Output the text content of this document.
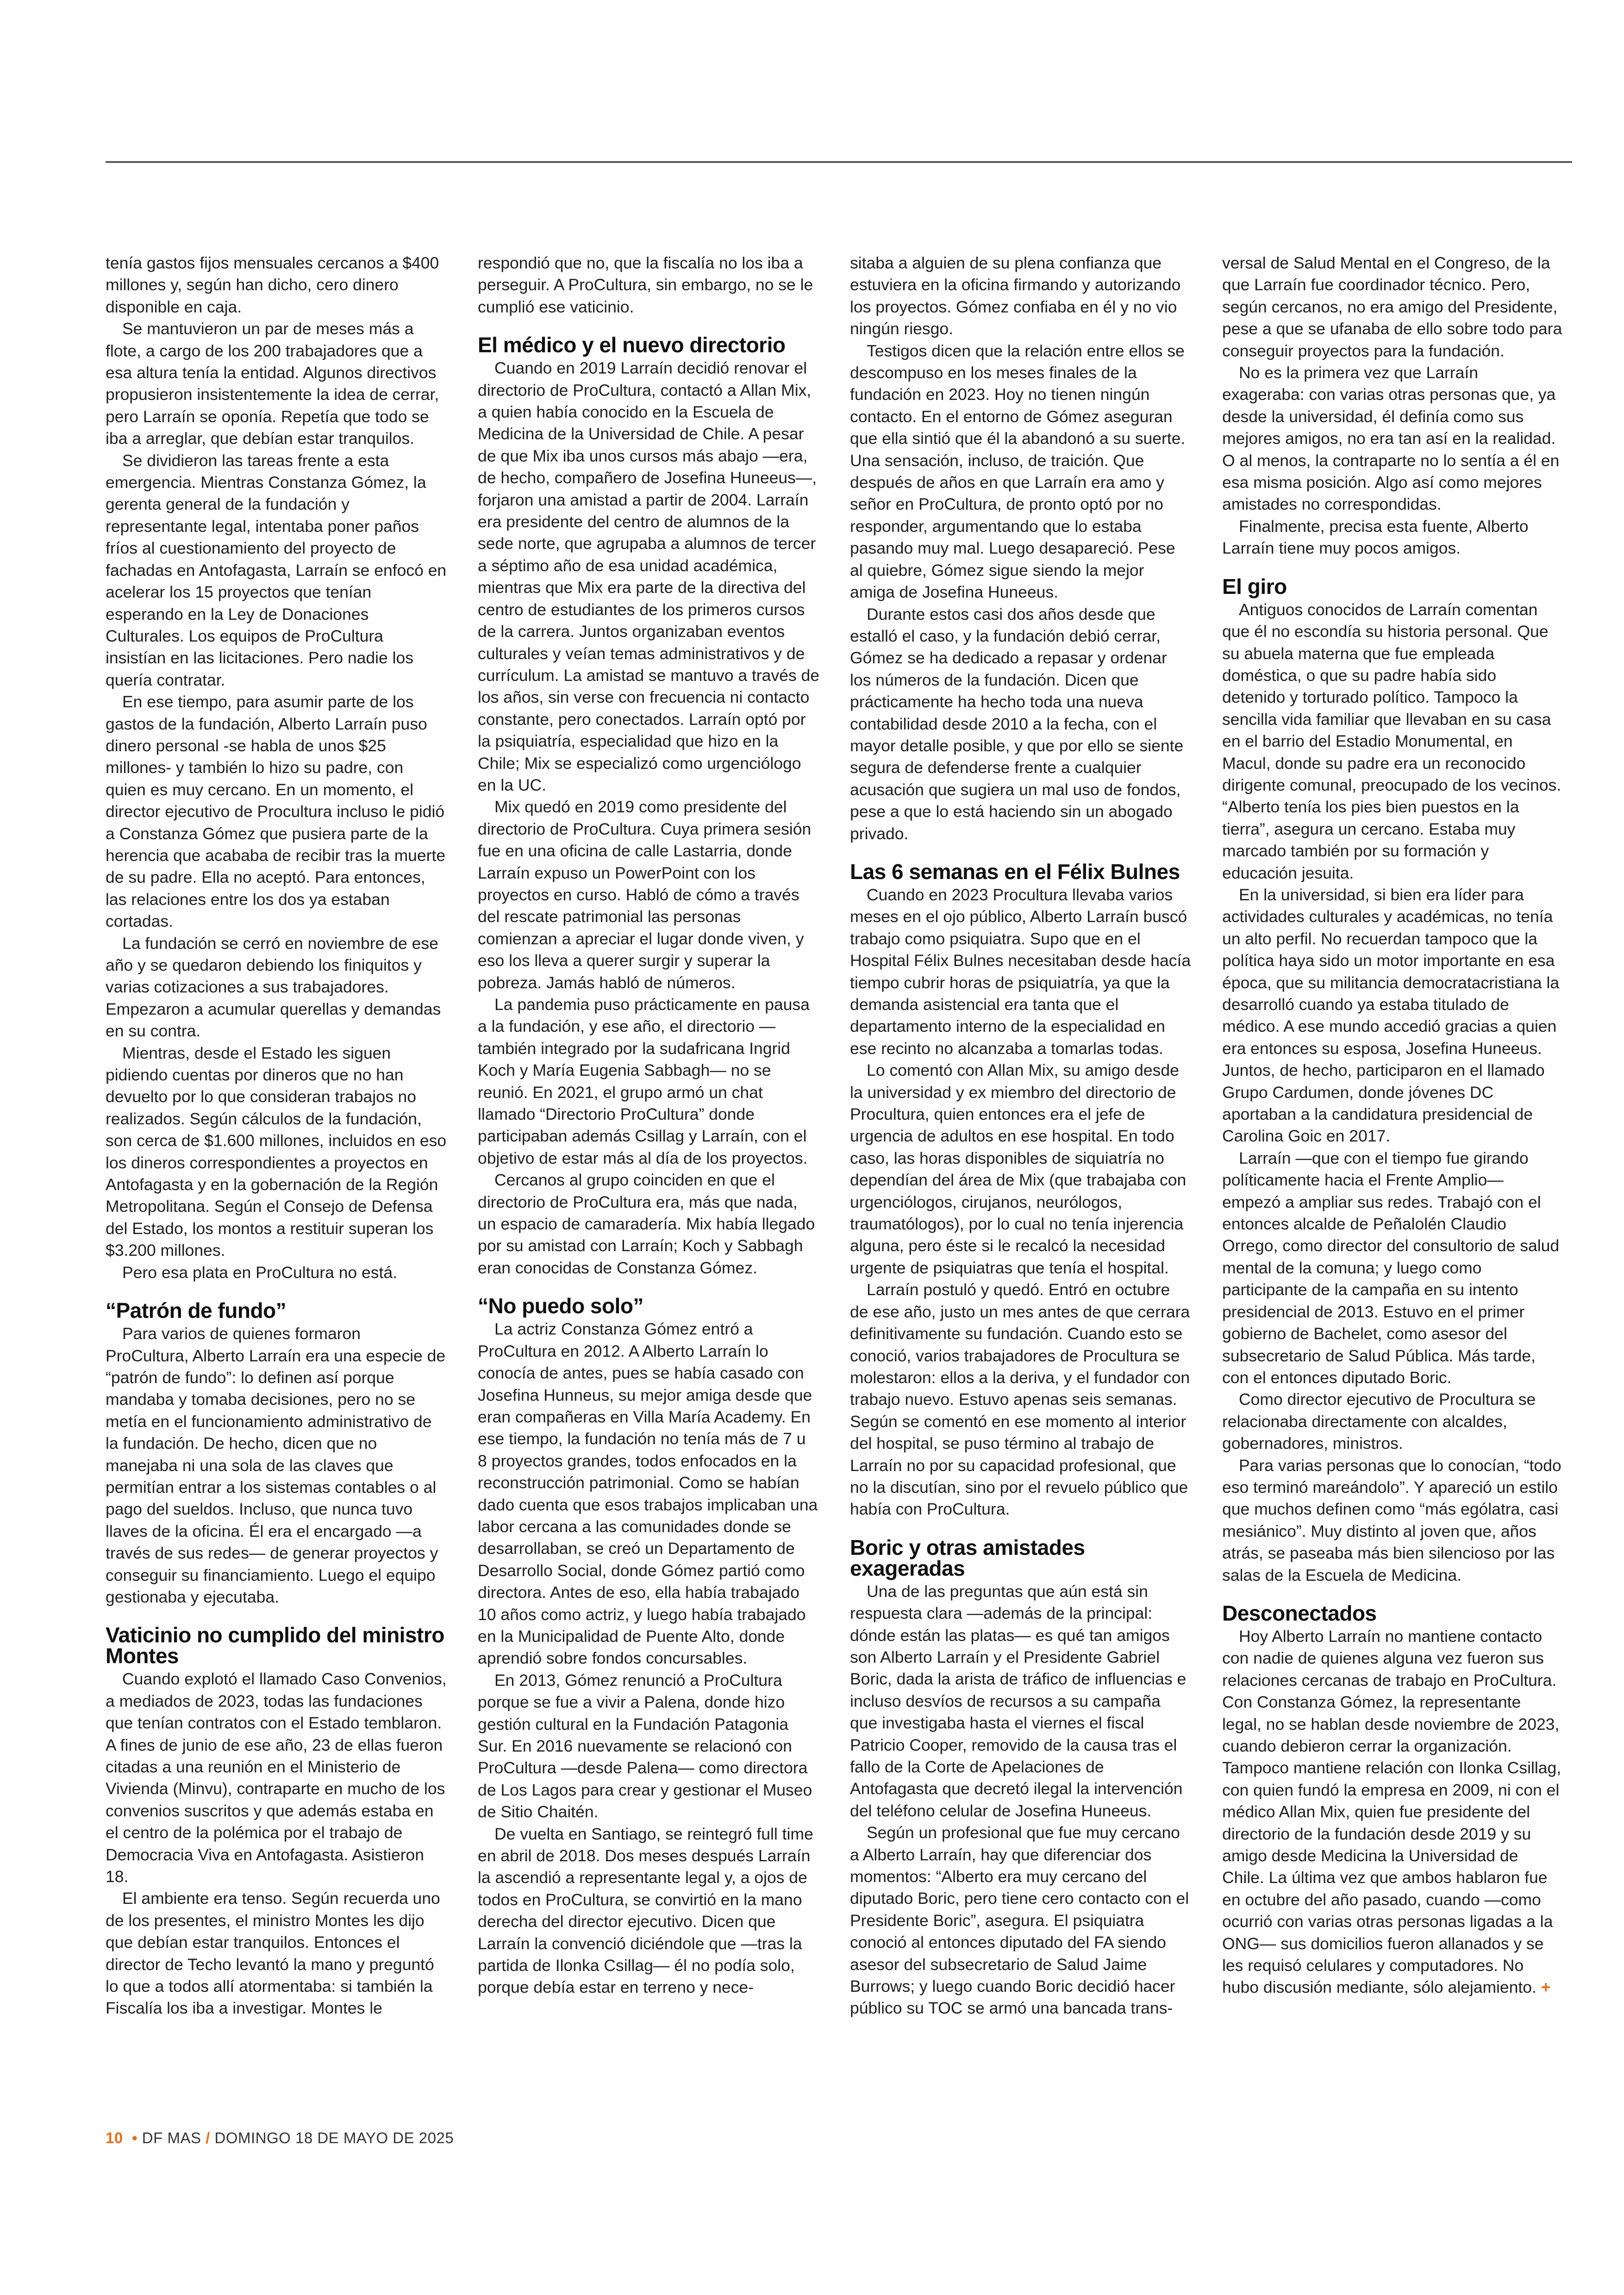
tenía gastos fijos mensuales cercanos a $400 millones y, según han dicho, cero dinero disponible en caja.

Se mantuvieron un par de meses más a flote, a cargo de los 200 trabajadores que a esa altura tenía la entidad. Algunos directivos propusieron insistentemente la idea de cerrar, pero Larraín se oponía. Repetía que todo se iba a arreglar, que debían estar tranquilos.

Se dividieron las tareas frente a esta emergencia. Mientras Constanza Gómez, la gerenta general de la fundación y representante legal, intentaba poner paños fríos al cuestionamiento del proyecto de fachadas en Antofagasta, Larraín se enfocó en acelerar los 15 proyectos que tenían esperando en la Ley de Donaciones Culturales. Los equipos de ProCultura insistían en las licitaciones. Pero nadie los quería contratar.

En ese tiempo, para asumir parte de los gastos de la fundación, Alberto Larraín puso dinero personal -se habla de unos $25 millones- y también lo hizo su padre, con quien es muy cercano. En un momento, el director ejecutivo de Procultura incluso le pidió a Constanza Gómez que pusiera parte de la herencia que acababa de recibir tras la muerte de su padre. Ella no aceptó. Para entonces, las relaciones entre los dos ya estaban cortadas.

La fundación se cerró en noviembre de ese año y se quedaron debiendo los finiquitos y varias cotizaciones a sus trabajadores. Empezaron a acumular querellas y demandas en su contra.

Mientras, desde el Estado les siguen pidiendo cuentas por dineros que no han devuelto por lo que consideran trabajos no realizados. Según cálculos de la fundación, son cerca de $1.600 millones, incluidos en eso los dineros correspondientes a proyectos en Antofagasta y en la gobernación de la Región Metropolitana. Según el Consejo de Defensa del Estado, los montos a restituir superan los $3.200 millones.

Pero esa plata en ProCultura no está.

“Patrón de fundo”

Para varios de quienes formaron ProCultura, Alberto Larraín era una especie de “patrón de fundo”: lo definen así porque mandaba y tomaba decisiones, pero no se metía en el funcionamiento administrativo de la fundación. De hecho, dicen que no manejaba ni una sola de las claves que permitían entrar a los sistemas contables o al pago del sueldos. Incluso, que nunca tuvo llaves de la oficina. Él era el encargado —a través de sus redes— de generar proyectos y conseguir su financiamiento. Luego el equipo gestionaba y ejecutaba.

Vaticinio no cumplido del ministro Montes

Cuando explotó el llamado Caso Convenios, a mediados de 2023, todas las fundaciones que tenían contratos con el Estado temblaron. A fines de junio de ese año, 23 de ellas fueron citadas a una reunión en el Ministerio de Vivienda (Minvu), contraparte en mucho de los convenios suscritos y que además estaba en el centro de la polémica por el trabajo de Democracia Viva en Antofagasta. Asistieron 18.

El ambiente era tenso. Según recuerda uno de los presentes, el ministro Montes les dijo que debían estar tranquilos. Entonces el director de Techo levantó la mano y preguntó lo que a todos allí atormentaba: si también la Fiscalía los iba a investigar. Montes le

respondió que no, que la fiscalía no los iba a perseguir. A ProCultura, sin embargo, no se le cumplió ese vaticinio.

El médico y el nuevo directorio

Cuando en 2019 Larraín decidió renovar el directorio de ProCultura, contactó a Allan Mix, a quien había conocido en la Escuela de Medicina de la Universidad de Chile. A pesar de que Mix iba unos cursos más abajo —era, de hecho, compañero de Josefina Huneeus—, forjaron una amistad a partir de 2004. Larraín era presidente del centro de alumnos de la sede norte, que agrupaba a alumnos de tercer a séptimo año de esa unidad académica, mientras que Mix era parte de la directiva del centro de estudiantes de los primeros cursos de la carrera. Juntos organizaban eventos culturales y veían temas administrativos y de currículum. La amistad se mantuvo a través de los años, sin verse con frecuencia ni contacto constante, pero conectados. Larraín optó por la psiquiatría, especialidad que hizo en la Chile; Mix se especializó como urgenciólogo en la UC.

Mix quedó en 2019 como presidente del directorio de ProCultura. Cuya primera sesión fue en una oficina de calle Lastarria, donde Larraín expuso un PowerPoint con los proyectos en curso. Habló de cómo a través del rescate patrimonial las personas comienzan a apreciar el lugar donde viven, y eso los lleva a querer surgir y superar la pobreza. Jamás habló de números.

La pandemia puso prácticamente en pausa a la fundación, y ese año, el directorio —también integrado por la sudafricana Ingrid Koch y María Eugenia Sabbagh— no se reunió. En 2021, el grupo armó un chat llamado “Directorio ProCultura” donde participaban además Csillag y Larraín, con el objetivo de estar más al día de los proyectos.

Cercanos al grupo coinciden en que el directorio de ProCultura era, más que nada, un espacio de camaradería. Mix había llegado por su amistad con Larraín; Koch y Sabbagh eran conocidas de Constanza Gómez.

“No puedo solo”

La actriz Constanza Gómez entró a ProCultura en 2012. A Alberto Larraín lo conocía de antes, pues se había casado con Josefina Hunneus, su mejor amiga desde que eran compañeras en Villa María Academy. En ese tiempo, la fundación no tenía más de 7 u 8 proyectos grandes, todos enfocados en la reconstrucción patrimonial. Como se habían dado cuenta que esos trabajos implicaban una labor cercana a las comunidades donde se desarrollaban, se creó un Departamento de Desarrollo Social, donde Gómez partió como directora. Antes de eso, ella había trabajado 10 años como actriz, y luego había trabajado en la Municipalidad de Puente Alto, donde aprendió sobre fondos concursables.

En 2013, Gómez renunció a ProCultura porque se fue a vivir a Palena, donde hizo gestión cultural en la Fundación Patagonia Sur. En 2016 nuevamente se relacionó con ProCultura —desde Palena— como directora de Los Lagos para crear y gestionar el Museo de Sitio Chaitén.

De vuelta en Santiago, se reintegró full time en abril de 2018. Dos meses después Larraín la ascendió a representante legal y, a ojos de todos en ProCultura, se convirtió en la mano derecha del director ejecutivo. Dicen que Larraín la convenció diciéndole que —tras la partida de Ilonka Csillag— él no podía solo, porque debía estar en terreno y nece-

sitaba a alguien de su plena confianza que estuviera en la oficina firmando y autorizando los proyectos. Gómez confiaba en él y no vio ningún riesgo.

Testigos dicen que la relación entre ellos se descompuso en los meses finales de la fundación en 2023. Hoy no tienen ningún contacto. En el entorno de Gómez aseguran que ella sintió que él la abandonó a su suerte. Una sensación, incluso, de traición. Que después de años en que Larraín era amo y señor en ProCultura, de pronto optó por no responder, argumentando que lo estaba pasando muy mal. Luego desapareció. Pese al quiebre, Gómez sigue siendo la mejor amiga de Josefina Huneeus.

Durante estos casi dos años desde que estalló el caso, y la fundación debió cerrar, Gómez se ha dedicado a repasar y ordenar los números de la fundación. Dicen que prácticamente ha hecho toda una nueva contabilidad desde 2010 a la fecha, con el mayor detalle posible, y que por ello se siente segura de defenderse frente a cualquier acusación que sugiera un mal uso de fondos, pese a que lo está haciendo sin un abogado privado.

Las 6 semanas en el Félix Bulnes

Cuando en 2023 Procultura llevaba varios meses en el ojo público, Alberto Larraín buscó trabajo como psiquiatra. Supo que en el Hospital Félix Bulnes necesitaban desde hacía tiempo cubrir horas de psiquiatría, ya que la demanda asistencial era tanta que el departamento interno de la especialidad en ese recinto no alcanzaba a tomarlas todas.

Lo comentó con Allan Mix, su amigo desde la universidad y ex miembro del directorio de Procultura, quien entonces era el jefe de urgencia de adultos en ese hospital. En todo caso, las horas disponibles de siquiatría no dependían del área de Mix (que trabajaba con urgenciólogos, cirujanos, neurólogos, traumatólogos), por lo cual no tenía injerencia alguna, pero éste si le recalcó la necesidad urgente de psiquiatras que tenía el hospital.

Larraín postuló y quedó. Entró en octubre de ese año, justo un mes antes de que cerrara definitivamente su fundación. Cuando esto se conoció, varios trabajadores de Procultura se molestaron: ellos a la deriva, y el fundador con trabajo nuevo. Estuvo apenas seis semanas. Según se comentó en ese momento al interior del hospital, se puso término al trabajo de Larraín no por su capacidad profesional, que no la discutían, sino por el revuelo público que había con ProCultura.

Boric y otras amistades exageradas

Una de las preguntas que aún está sin respuesta clara —además de la principal: dónde están las platas— es qué tan amigos son Alberto Larraín y el Presidente Gabriel Boric, dada la arista de tráfico de influencias e incluso desvíos de recursos a su campaña que investigaba hasta el viernes el fiscal Patricio Cooper, removido de la causa tras el fallo de la Corte de Apelaciones de Antofagasta que decretó ilegal la intervención del teléfono celular de Josefina Huneeus.

Según un profesional que fue muy cercano a Alberto Larraín, hay que diferenciar dos momentos: “Alberto era muy cercano del diputado Boric, pero tiene cero contacto con el Presidente Boric”, asegura. El psiquiatra conoció al entonces diputado del FA siendo asesor del subsecretario de Salud Jaime Burrows; y luego cuando Boric decidió hacer público su TOC se armó una bancada trans-

versal de Salud Mental en el Congreso, de la que Larraín fue coordinador técnico. Pero, según cercanos, no era amigo del Presidente, pese a que se ufanaba de ello sobre todo para conseguir proyectos para la fundación.

No es la primera vez que Larraín exageraba: con varias otras personas que, ya desde la universidad, él definía como sus mejores amigos, no era tan así en la realidad. O al menos, la contraparte no lo sentía a él en esa misma posición. Algo así como mejores amistades no correspondidas.

Finalmente, precisa esta fuente, Alberto Larraín tiene muy pocos amigos.

El giro

Antiguos conocidos de Larraín comentan que él no escondía su historia personal. Que su abuela materna que fue empleada doméstica, o que su padre había sido detenido y torturado político. Tampoco la sencilla vida familiar que llevaban en su casa en el barrio del Estadio Monumental, en Macul, donde su padre era un reconocido dirigente comunal, preocupado de los vecinos. “Alberto tenía los pies bien puestos en la tierra”, asegura un cercano. Estaba muy marcado también por su formación y educación jesuita.

En la universidad, si bien era líder para actividades culturales y académicas, no tenía un alto perfil. No recuerdan tampoco que la política haya sido un motor importante en esa época, que su militancia democratacristiana la desarrolló cuando ya estaba titulado de médico. A ese mundo accedió gracias a quien era entonces su esposa, Josefina Huneeus. Juntos, de hecho, participaron en el llamado Grupo Cardumen, donde jóvenes DC aportaban a la candidatura presidencial de Carolina Goic en 2017.

Larraín —que con el tiempo fue girando políticamente hacia el Frente Amplio— empezó a ampliar sus redes. Trabajó con el entonces alcalde de Peñalolén Claudio Orrego, como director del consultorio de salud mental de la comuna; y luego como participante de la campaña en su intento presidencial de 2013. Estuvo en el primer gobierno de Bachelet, como asesor del subsecretario de Salud Pública. Más tarde, con el entonces diputado Boric.

Como director ejecutivo de Procultura se relacionaba directamente con alcaldes, gobernadores, ministros.

Para varias personas que lo conocían, “todo eso terminó mareándolo”. Y apareció un estilo que muchos definen como “más ególatra, casi mesiánico”. Muy distinto al joven que, años atrás, se paseaba más bien silencioso por las salas de la Escuela de Medicina.

Desconectados

Hoy Alberto Larraín no mantiene contacto con nadie de quienes alguna vez fueron sus relaciones cercanas de trabajo en ProCultura. Con Constanza Gómez, la representante legal, no se hablan desde noviembre de 2023, cuando debieron cerrar la organización. Tampoco mantiene relación con Ilonka Csillag, con quien fundó la empresa en 2009, ni con el médico Allan Mix, quien fue presidente del directorio de la fundación desde 2019 y su amigo desde Medicina la Universidad de Chile. La última vez que ambos hablaron fue en octubre del año pasado, cuando —como ocurrió con varias otras personas ligadas a la ONG— sus domicilios fueron allanados y se les requisó celulares y computadores. No hubo discusión mediante, sólo alejamiento. +

10 • DF MAS / DOMINGO 18 DE MAYO DE 2025
